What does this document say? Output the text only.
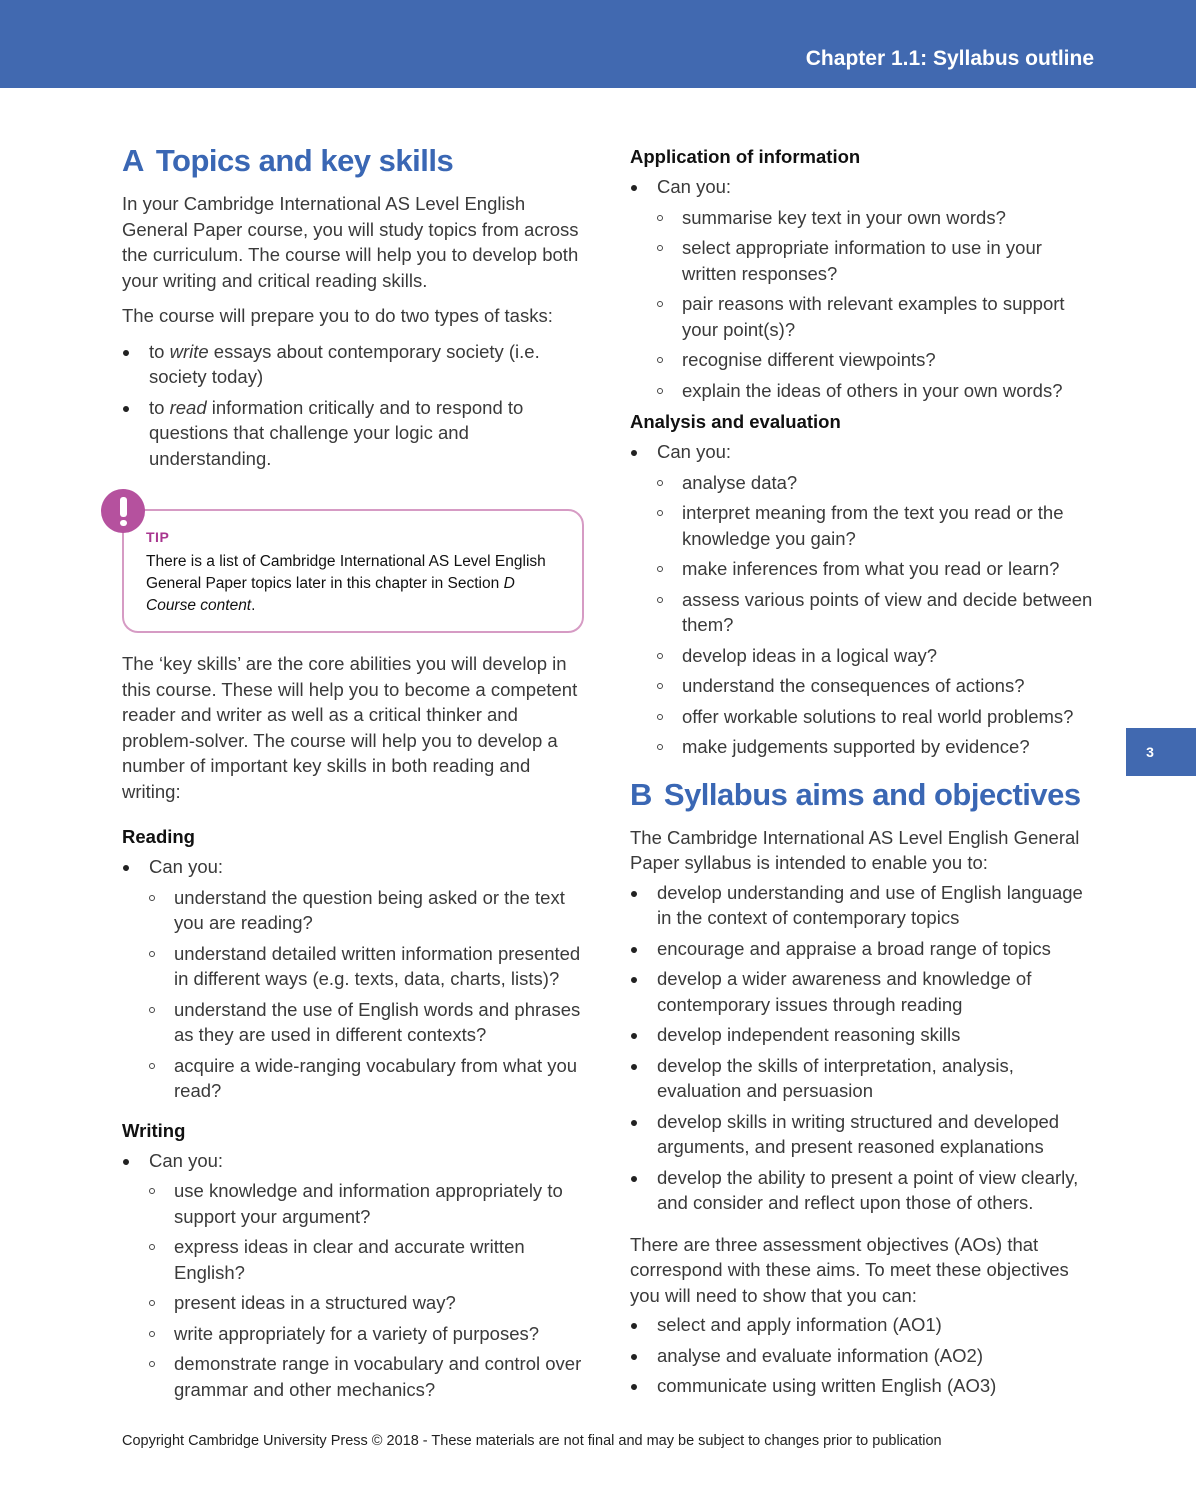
Chapter 1.1: Syllabus outline
3
A Topics and key skills

In your Cambridge International AS Level English General Paper course, you will study topics from across the curriculum. The course will help you to develop both your writing and critical reading skills.

The course will prepare you to do two types of tasks:

to write essays about contemporary society (i.e. society today)
to read information critically and to respond to questions that challenge your logic and understanding.
TIP
There is a list of Cambridge International AS Level English General Paper topics later in this chapter in Section D Course content.

The ‘key skills’ are the core abilities you will develop in this course. These will help you to become a competent reader and writer as well as a critical thinker and problem-solver. The course will help you to develop a number of important key skills in both reading and writing:

Reading
Can you:
understand the question being asked or the text you are reading?
understand detailed written information presented in different ways (e.g. texts, data, charts, lists)?
understand the use of English words and phrases as they are used in different contexts?
acquire a wide-ranging vocabulary from what you read?
Writing
Can you:
use knowledge and information appropriately to support your argument?
express ideas in clear and accurate written English?
present ideas in a structured way?
write appropriately for a variety of purposes?
demonstrate range in vocabulary and control over grammar and other mechanics?
Application of information
Can you:
summarise key text in your own words?
select appropriate information to use in your written responses?
pair reasons with relevant examples to support your point(s)?
recognise different viewpoints?
explain the ideas of others in your own words?
Analysis and evaluation
Can you:
analyse data?
interpret meaning from the text you read or the knowledge you gain?
make inferences from what you read or learn?
assess various points of view and decide between them?
develop ideas in a logical way?
understand the consequences of actions?
offer workable solutions to real world problems?
make judgements supported by evidence?
B Syllabus aims and objectives

The Cambridge International AS Level English General Paper syllabus is intended to enable you to:

develop understanding and use of English language in the context of contemporary topics
encourage and appraise a broad range of topics
develop a wider awareness and knowledge of contemporary issues through reading
develop independent reasoning skills
develop the skills of interpretation, analysis, evaluation and persuasion
develop skills in writing structured and developed arguments, and present reasoned explanations
develop the ability to present a point of view clearly, and consider and reflect upon those of others.

There are three assessment objectives (AOs) that correspond with these aims. To meet these objectives you will need to show that you can:

select and apply information (AO1)
analyse and evaluate information (AO2)
communicate using written English (AO3)
Copyright Cambridge University Press © 2018 - These materials are not final and may be subject to changes prior to publication
